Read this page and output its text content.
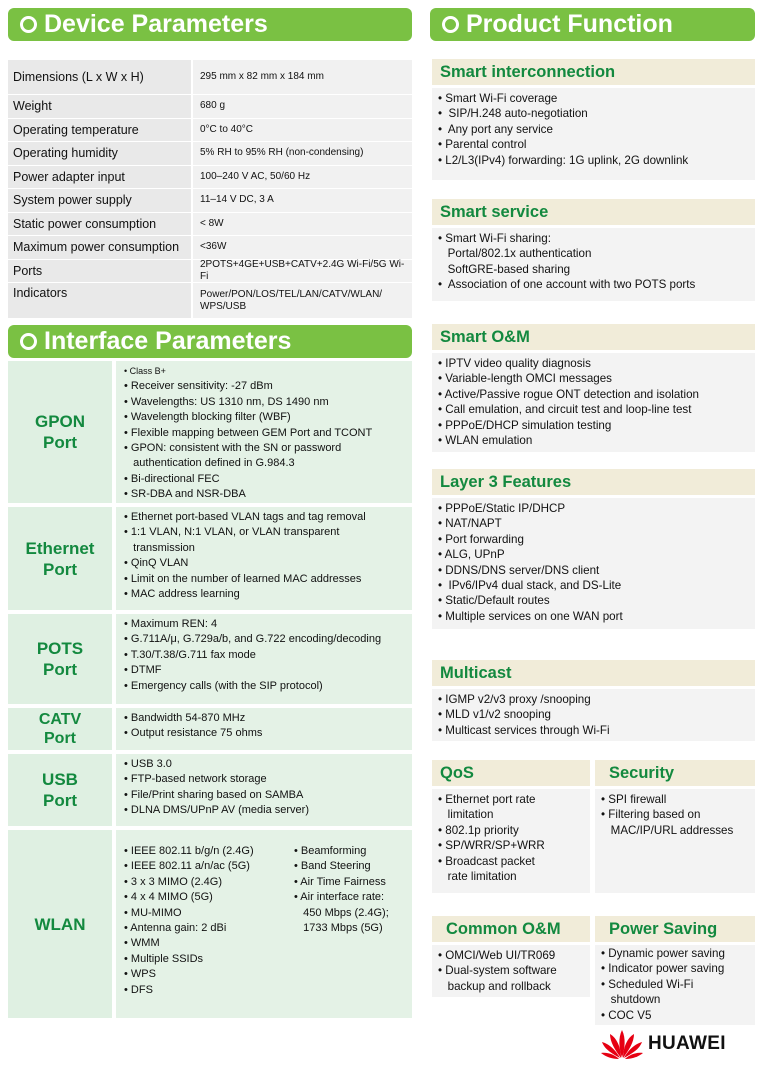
Device Parameters
Dimensions (L x W x H)	295 mm x 82 mm x 184 mm
Weight	680 g
Operating temperature	0°C to 40°C
Operating humidity	5% RH to 95% RH (non-condensing)
Power adapter input	100–240 V AC, 50/60 Hz
System power supply	11–14 V DC, 3 A
Static power consumption	< 8W
Maximum power consumption	<36W
Ports	2POTS+4GE+USB+CATV+2.4G Wi-Fi/5G Wi-Fi
Indicators	Power/PON/LOS/TEL/LAN/CATV/WLAN/ WPS/USB
Interface Parameters
GPON Port
• Class B+
• Receiver sensitivity: -27 dBm
• Wavelengths: US 1310 nm, DS 1490 nm
• Wavelength blocking filter (WBF)
• Flexible mapping between GEM Port and TCONT
• GPON: consistent with the SN or password
authentication defined in G.984.3
• Bi-directional FEC
• SR-DBA and NSR-DBA
Ethernet Port
• Ethernet port-based VLAN tags and tag removal
• 1:1 VLAN, N:1 VLAN, or VLAN transparent
transmission
• QinQ VLAN
• Limit on the number of learned MAC addresses
• MAC address learning
POTS Port
• Maximum REN: 4
• G.711A/μ, G.729a/b, and G.722 encoding/decoding
• T.30/T.38/G.711 fax mode
• DTMF
• Emergency calls (with the SIP protocol)
CATV Port
• Bandwidth 54-870 MHz
• Output resistance 75 ohms
USB Port
• USB 3.0
• FTP-based network storage
• File/Print sharing based on SAMBA
• DLNA DMS/UPnP AV (media server)
WLAN
• IEEE 802.11 b/g/n (2.4G)
• IEEE 802.11 a/n/ac (5G)
• 3 x 3 MIMO (2.4G)
• 4 x 4 MIMO (5G)
• MU-MIMO
• Antenna gain: 2 dBi
• WMM
• Multiple SSIDs
• WPS
• DFS
• Beamforming
• Band Steering
• Air Time Fairness
• Air interface rate:
450 Mbps (2.4G);
1733 Mbps (5G)
Product Function
Smart interconnection
• Smart Wi-Fi coverage
•  SIP/H.248 auto-negotiation
•  Any port any service
• Parental control
• L2/L3(IPv4) forwarding: 1G uplink, 2G downlink
Smart service
• Smart Wi-Fi sharing:
Portal/802.1x authentication
SoftGRE-based sharing
•  Association of one account with two POTS ports
Smart O&M
• IPTV video quality diagnosis
• Variable-length OMCI messages
• Active/Passive rogue ONT detection and isolation
• Call emulation, and circuit test and loop-line test
• PPPoE/DHCP simulation testing
• WLAN emulation
Layer 3 Features
• PPPoE/Static IP/DHCP
• NAT/NAPT
• Port forwarding
• ALG, UPnP
• DDNS/DNS server/DNS client
•  IPv6/IPv4 dual stack, and DS-Lite
• Static/Default routes
• Multiple services on one WAN port
Multicast
• IGMP v2/v3 proxy /snooping
• MLD v1/v2 snooping
• Multicast services through Wi-Fi
QoS
• Ethernet port rate
limitation
• 802.1p priority
• SP/WRR/SP+WRR
• Broadcast packet
rate limitation
Security
• SPI firewall
• Filtering based on
MAC/IP/URL addresses
Common O&M
• OMCI/Web UI/TR069
• Dual-system software
backup and rollback
Power Saving
• Dynamic power saving
• Indicator power saving
• Scheduled Wi-Fi
shutdown
• COC V5
HUAWEI
